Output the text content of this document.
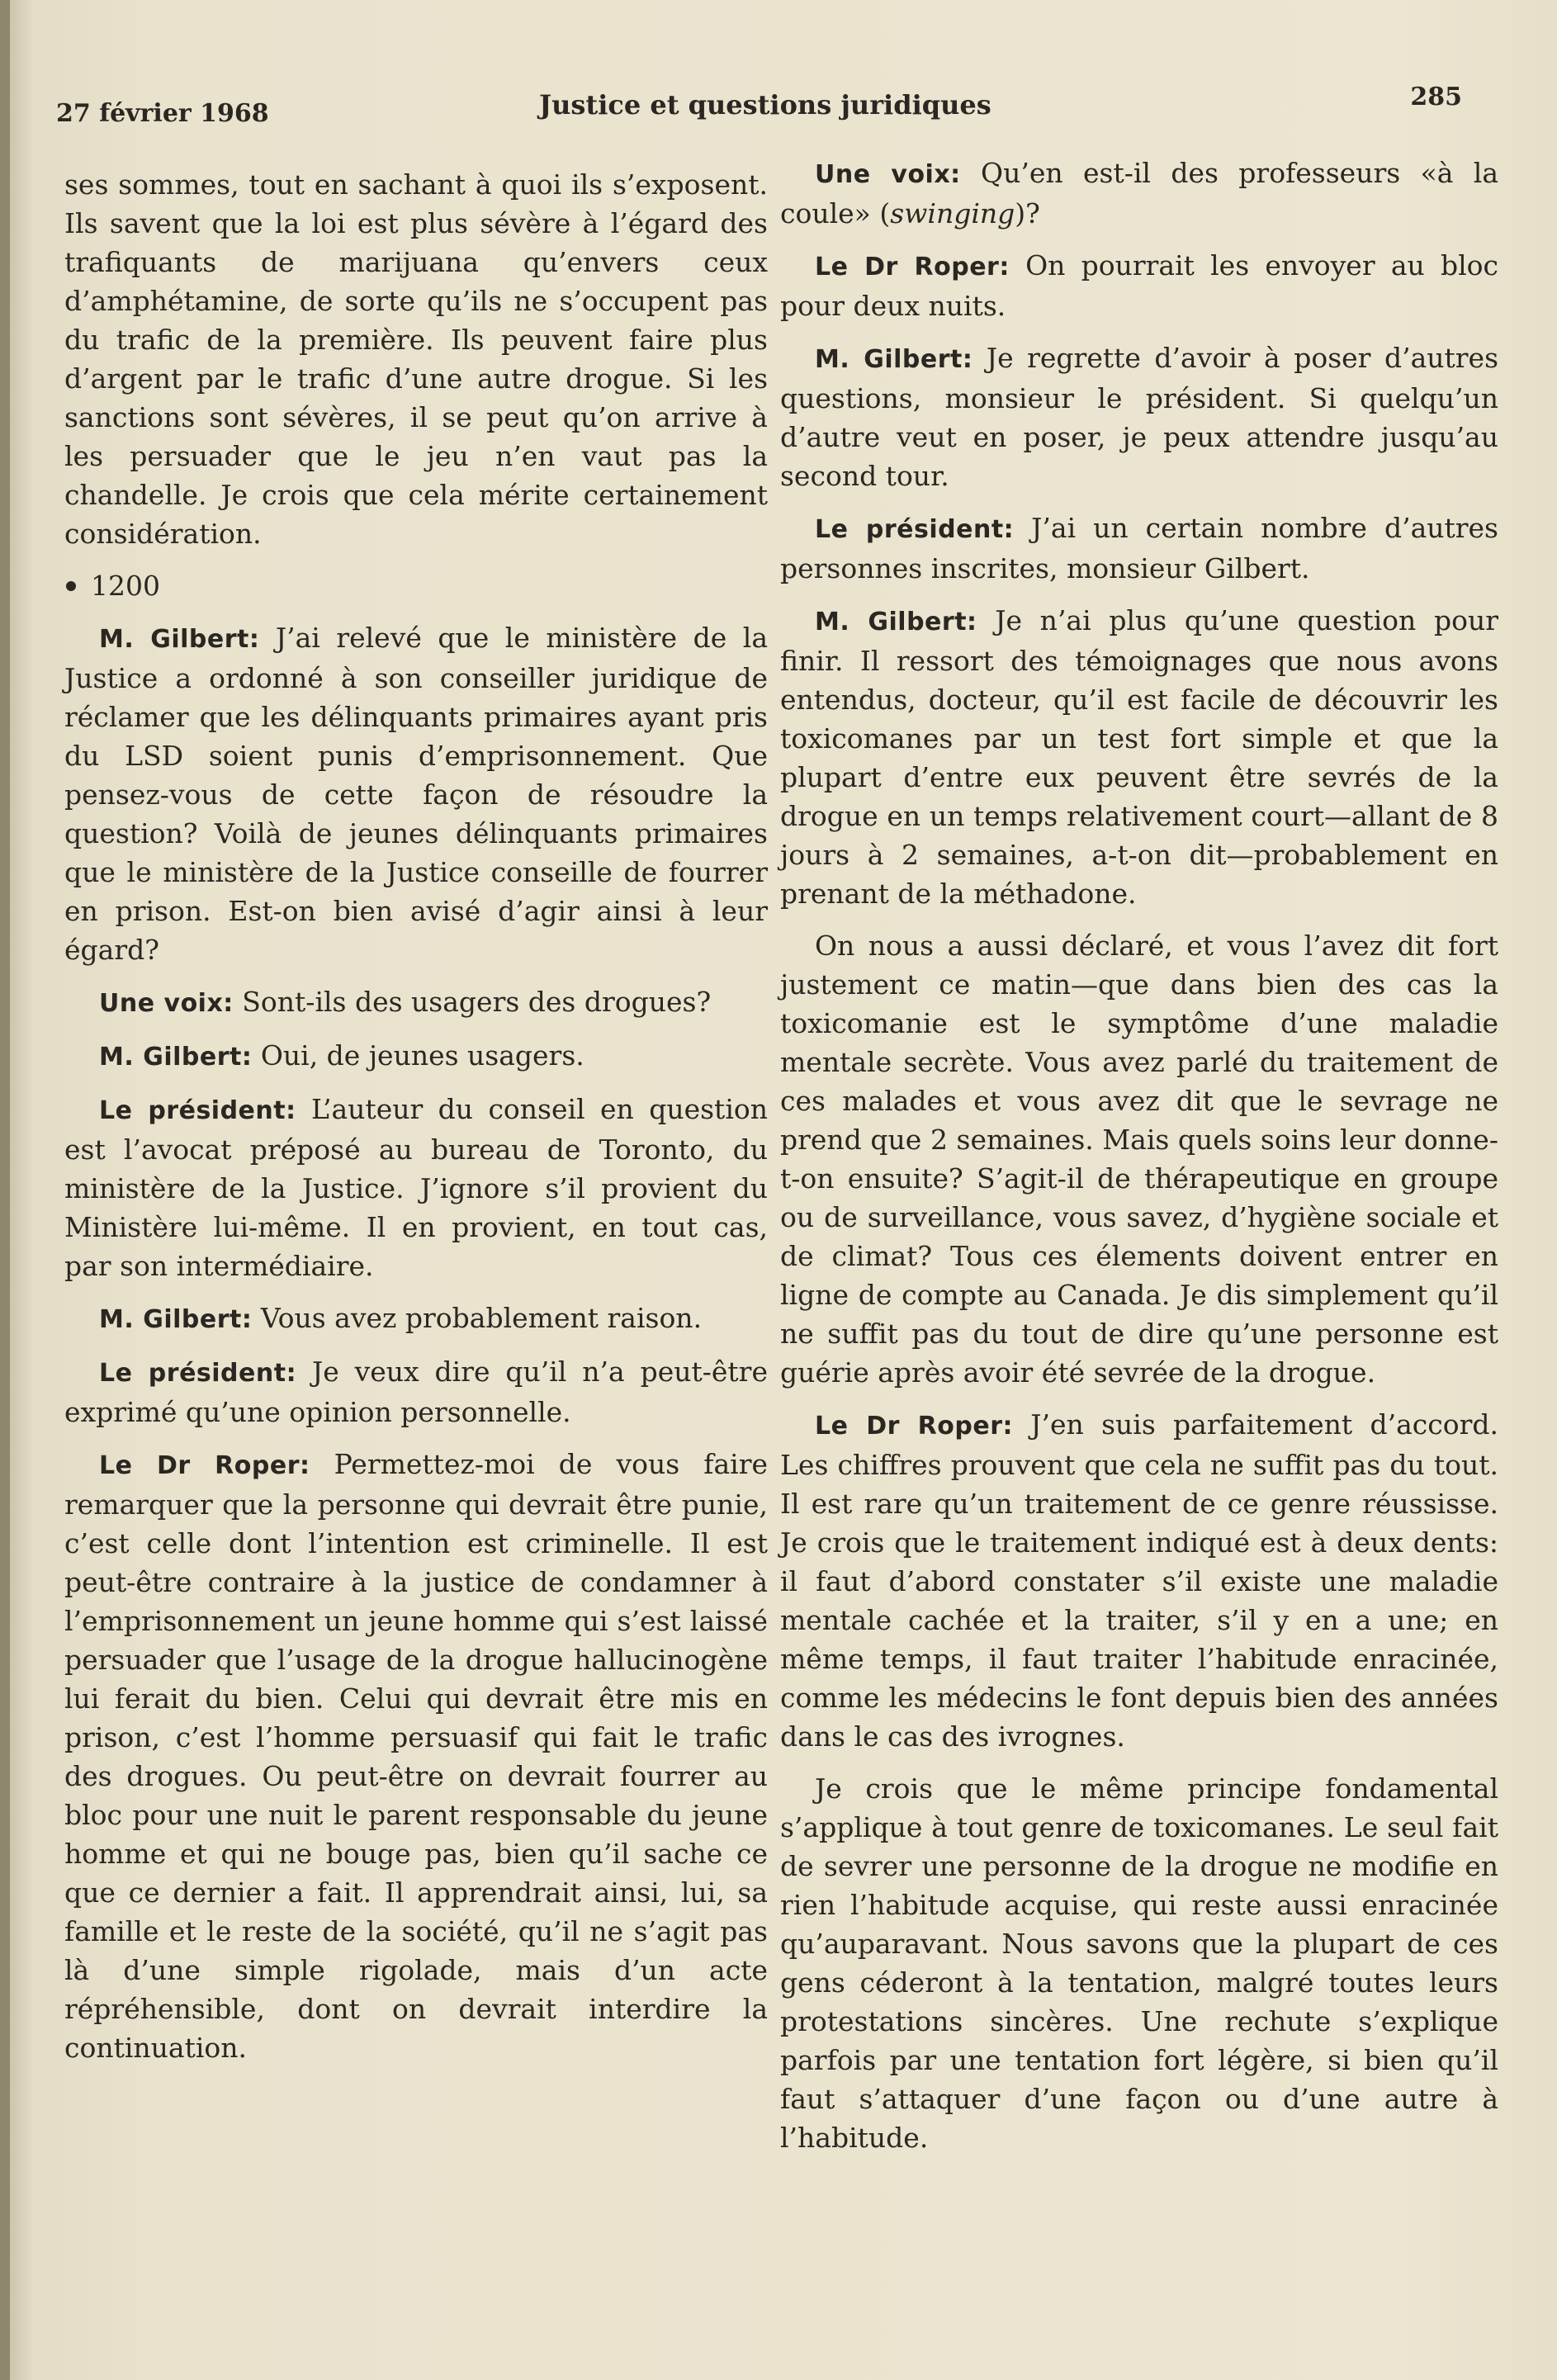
27 février 1968	Justice et questions juridiques	285

ses sommes, tout en sachant à quoi ils s’exposent. Ils savent que la loi est plus sévère à l’égard des trafiquants de marijuana qu’envers ceux d’amphétamine, de sorte qu’ils ne s’occupent pas du trafic de la première. Ils peuvent faire plus d’argent par le trafic d’une autre drogue. Si les sanctions sont sévères, il se peut qu’on arrive à les persuader que le jeu n’en vaut pas la chandelle. Je crois que cela mérite certainement considération.

1200

M. Gilbert: J’ai relevé que le ministère de la Justice a ordonné à son conseiller juridique de réclamer que les délinquants primaires ayant pris du LSD soient punis d’emprisonnement. Que pensez-vous de cette façon de résoudre la question? Voilà de jeunes délinquants primaires que le ministère de la Justice conseille de fourrer en prison. Est-on bien avisé d’agir ainsi à leur égard?

Une voix: Sont-ils des usagers des drogues?

M. Gilbert: Oui, de jeunes usagers.

Le président: L’auteur du conseil en question est l’avocat préposé au bureau de Toronto, du ministère de la Justice. J’ignore s’il provient du Ministère lui-même. Il en provient, en tout cas, par son intermédiaire.

M. Gilbert: Vous avez probablement raison.

Le président: Je veux dire qu’il n’a peut-être exprimé qu’une opinion personnelle.

Le Dr Roper: Permettez-moi de vous faire remarquer que la personne qui devrait être punie, c’est celle dont l’intention est criminelle. Il est peut-être contraire à la justice de condamner à l’emprisonnement un jeune homme qui s’est laissé persuader que l’usage de la drogue hallucinogène lui ferait du bien. Celui qui devrait être mis en prison, c’est l’homme persuasif qui fait le trafic des drogues. Ou peut-être on devrait fourrer au bloc pour une nuit le parent responsable du jeune homme et qui ne bouge pas, bien qu’il sache ce que ce dernier a fait. Il apprendrait ainsi, lui, sa famille et le reste de la société, qu’il ne s’agit pas là d’une simple rigolade, mais d’un acte répréhensible, dont on devrait interdire la continuation.

Une voix: Qu’en est-il des professeurs «à la coule» (swinging)?

Le Dr Roper: On pourrait les envoyer au bloc pour deux nuits.

M. Gilbert: Je regrette d’avoir à poser d’autres questions, monsieur le président. Si quelqu’un d’autre veut en poser, je peux attendre jusqu’au second tour.

Le président: J’ai un certain nombre d’autres personnes inscrites, monsieur Gilbert.

M. Gilbert: Je n’ai plus qu’une question pour finir. Il ressort des témoignages que nous avons entendus, docteur, qu’il est facile de découvrir les toxicomanes par un test fort simple et que la plupart d’entre eux peuvent être sevrés de la drogue en un temps relativement court—allant de 8 jours à 2 semaines, a-t-on dit—probablement en prenant de la méthadone.

On nous a aussi déclaré, et vous l’avez dit fort justement ce matin—que dans bien des cas la toxicomanie est le symptôme d’une maladie mentale secrète. Vous avez parlé du traitement de ces malades et vous avez dit que le sevrage ne prend que 2 semaines. Mais quels soins leur donne-t-on ensuite? S’agit-il de thérapeutique en groupe ou de surveillance, vous savez, d’hygiène sociale et de climat? Tous ces élements doivent entrer en ligne de compte au Canada. Je dis simplement qu’il ne suffit pas du tout de dire qu’une personne est guérie après avoir été sevrée de la drogue.

Le Dr Roper: J’en suis parfaitement d’accord. Les chiffres prouvent que cela ne suffit pas du tout. Il est rare qu’un traitement de ce genre réussisse. Je crois que le traitement indiqué est à deux dents: il faut d’abord constater s’il existe une maladie mentale cachée et la traiter, s’il y en a une; en même temps, il faut traiter l’habitude enracinée, comme les médecins le font depuis bien des années dans le cas des ivrognes.

Je crois que le même principe fondamental s’applique à tout genre de toxicomanes. Le seul fait de sevrer une personne de la drogue ne modifie en rien l’habitude acquise, qui reste aussi enracinée qu’auparavant. Nous savons que la plupart de ces gens céderont à la tentation, malgré toutes leurs protestations sincères. Une rechute s’explique parfois par une tentation fort légère, si bien qu’il faut s’attaquer d’une façon ou d’une autre à l’habitude.
